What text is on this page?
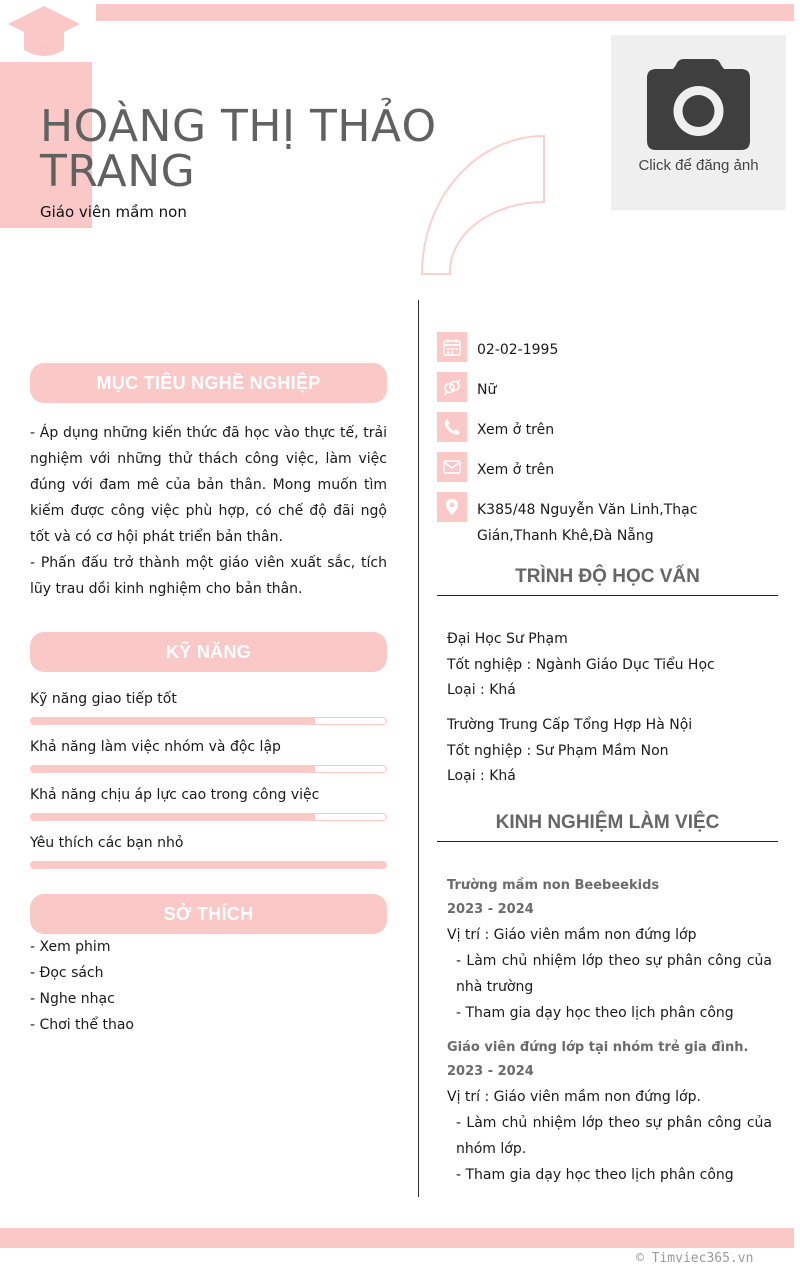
Click để đăng ảnh
HOÀNG THỊ THẢO TRANG
Giáo viên mầm non
MỤC TIÊU NGHỀ NGHIỆP

- Áp dụng những kiến thức đã học vào thực tế, trải nghiệm với những thử thách công việc, làm việc đúng với đam mê của bản thân. Mong muốn tìm kiếm được công việc phù hợp, có chế độ đãi ngộ tốt và có cơ hội phát triển bản thân.

- Phấn đấu trở thành một giáo viên xuất sắc, tích lũy trau dồi kinh nghiệm cho bản thân.

KỸ NĂNG
Kỹ năng giao tiếp tốt
Khả năng làm việc nhóm và độc lập
Khả năng chịu áp lực cao trong công việc
Yêu thích các bạn nhỏ
SỞ THÍCH
- Xem phim
- Đọc sách
- Nghe nhạc
- Chơi thể thao
02-02-1995
Nữ
Xem ở trên
Xem ở trên
K385/48 Nguyễn Văn Linh,Thạc Gián,Thanh Khê,Đà Nẵng
TRÌNH ĐỘ HỌC VẤN
Đại Học Sư Phạm
Tốt nghiệp : Ngành Giáo Dục Tiểu Học
Loại : Khá
Trường Trung Cấp Tổng Hợp Hà Nội
Tốt nghiệp : Sư Phạm Mầm Non
Loại : Khá
KINH NGHIỆM LÀM VIỆC
Trường mầm non Beebeekids
2023 - 2024
Vị trí : Giáo viên mầm non đứng lớp
- Làm chủ nhiệm lớp theo sự phân công của nhà trường
- Tham gia dạy học theo lịch phân công
Giáo viên đứng lớp tại nhóm trẻ gia đình.
2023 - 2024
Vị trí : Giáo viên mầm non đứng lớp.
- Làm chủ nhiệm lớp theo sự phân công của nhóm lớp.
- Tham gia dạy học theo lịch phân công
© Timviec365.vn
